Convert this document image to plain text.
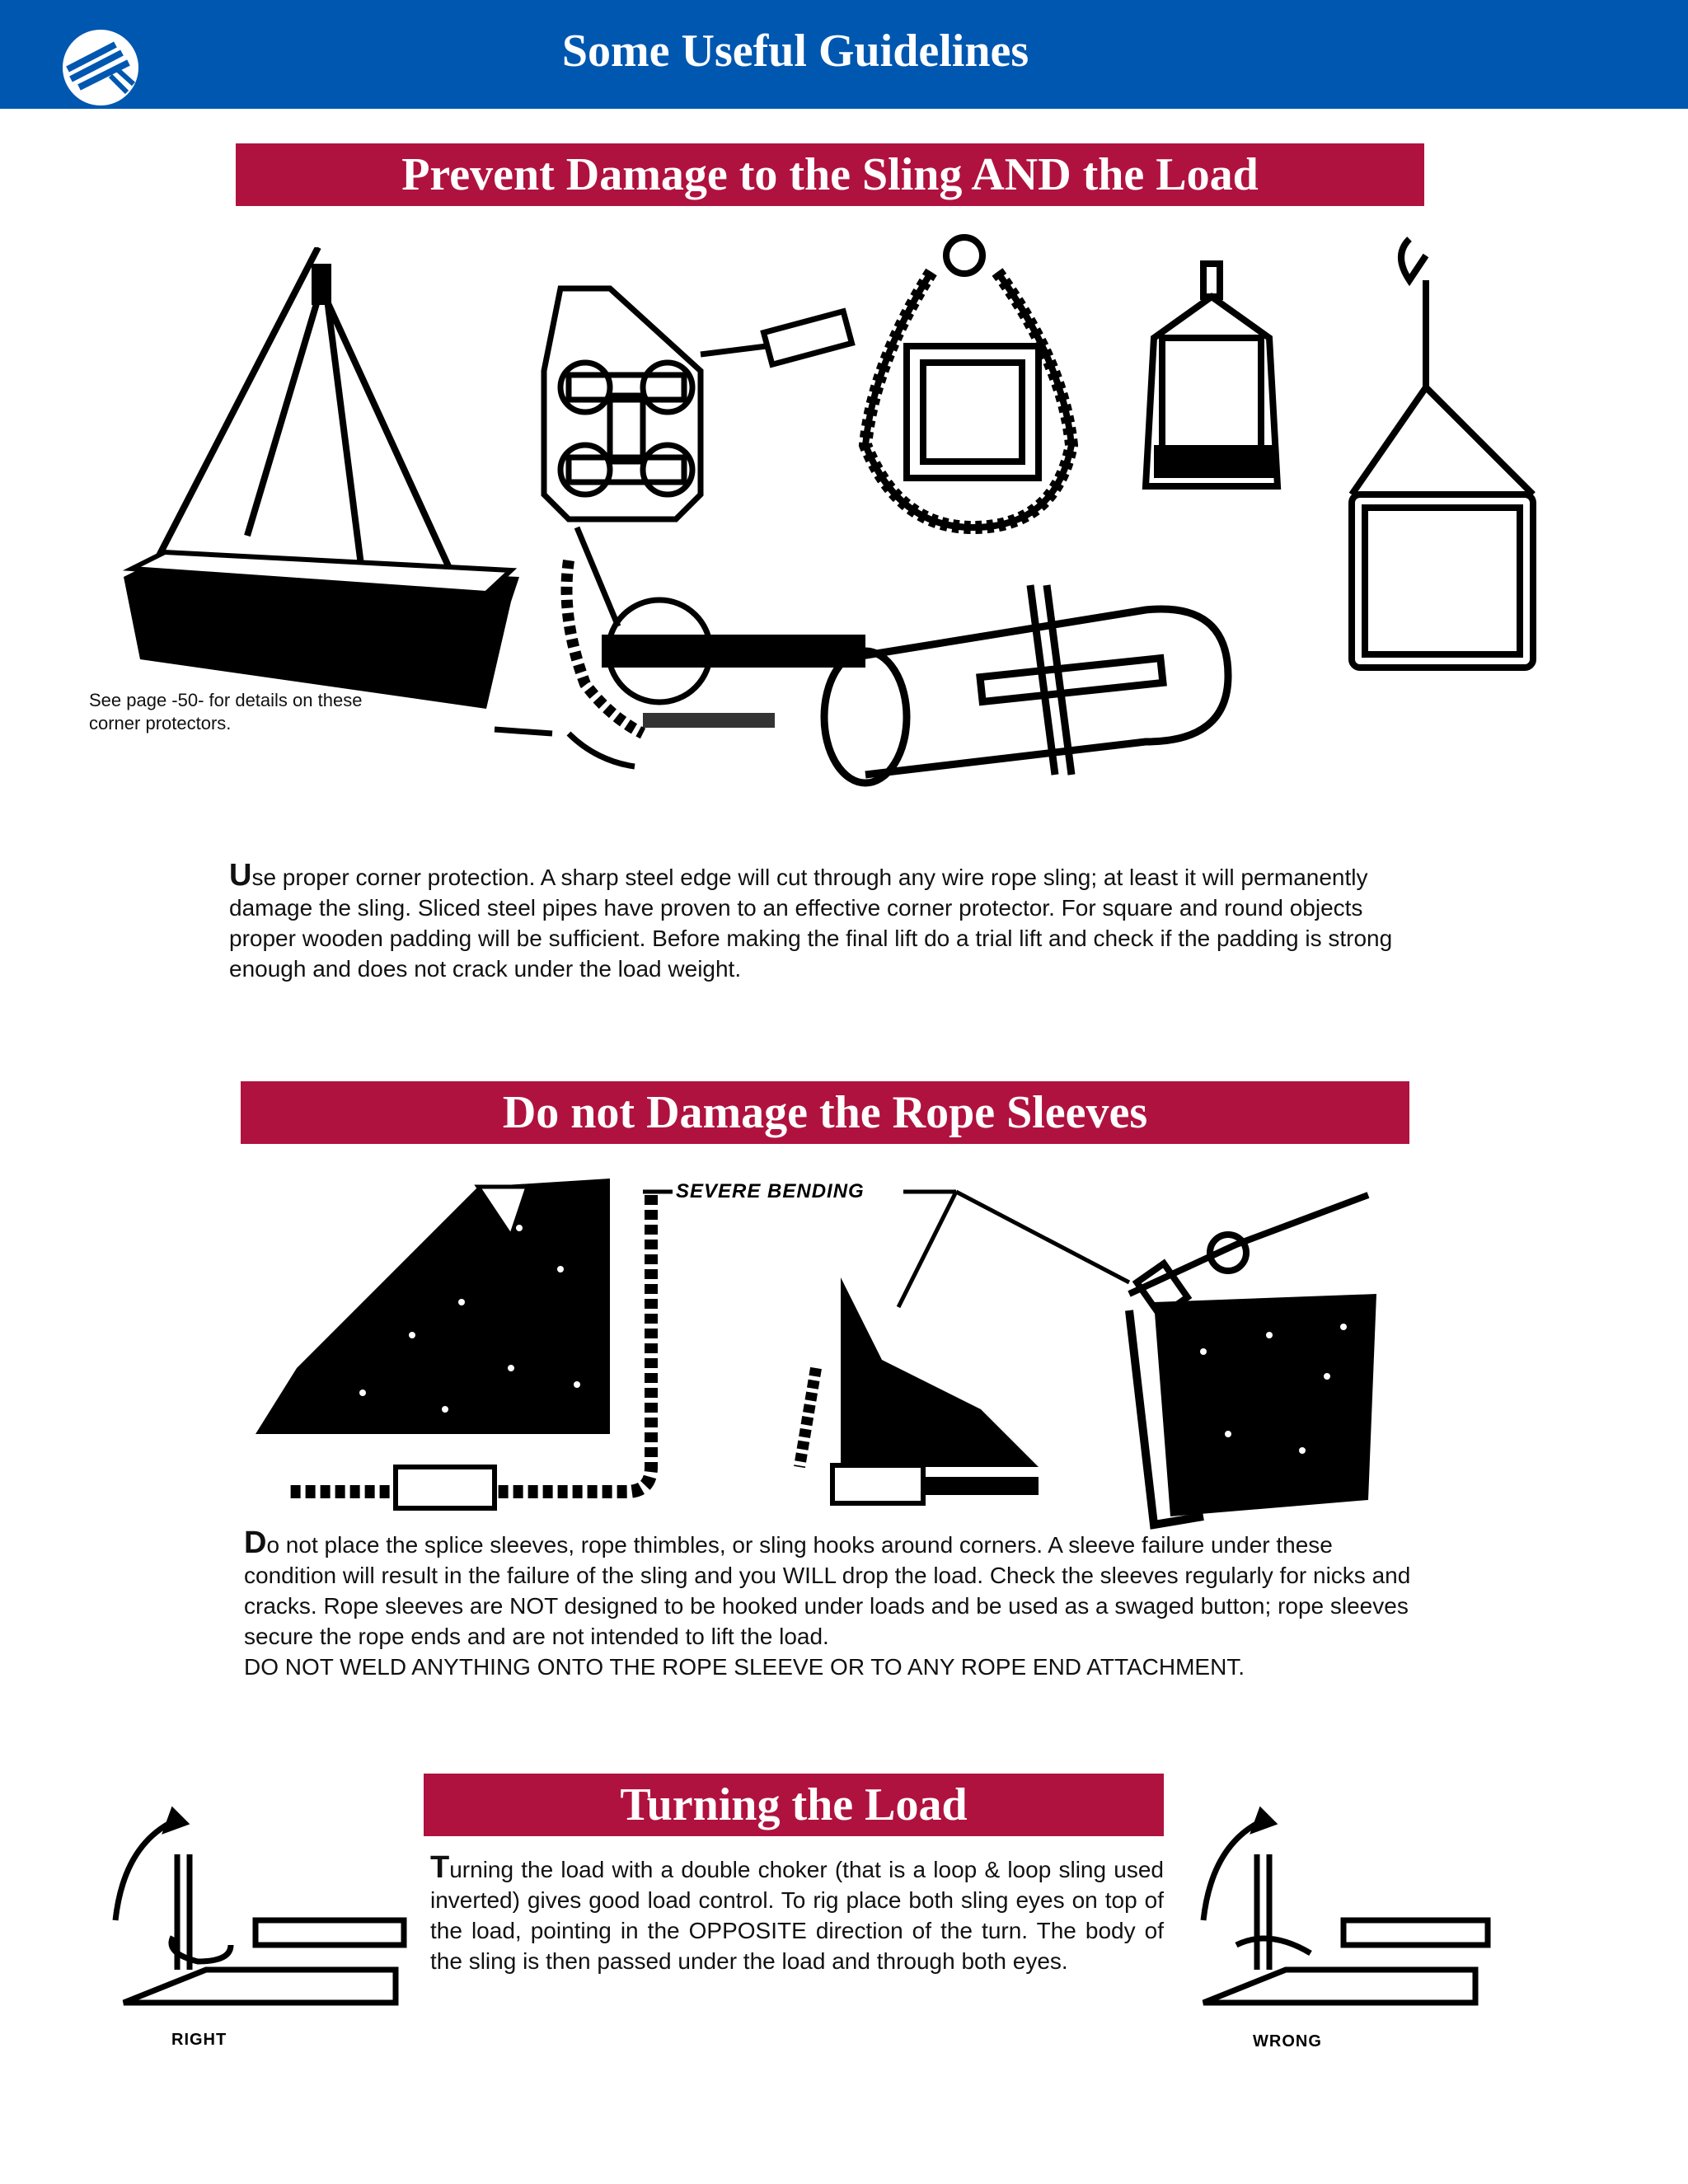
Some Useful Guidelines
Prevent Damage to the Sling AND the Load
See page -50- for details on these corner protectors.
Use proper corner protection. A sharp steel edge will cut through any wire rope sling; at least it will permanently damage the sling. Sliced steel pipes have proven to an effective corner protector. For square and round objects proper wooden padding will be sufficient. Before making the final lift do a trial lift and check if the padding is strong enough and does not crack under the load weight.
Do not Damage the Rope Sleeves
SEVERE BENDING
Do not place the splice sleeves, rope thimbles, or sling hooks around corners. A sleeve failure under these condition will result in the failure of the sling and you WILL drop the load. Check the sleeves regularly for nicks and cracks. Rope sleeves are NOT designed to be hooked under loads and be used as a swaged button; rope sleeves secure the rope ends and are not intended to lift the load.
DO NOT WELD ANYTHING ONTO THE ROPE SLEEVE OR TO ANY ROPE END ATTACHMENT.
Turning the Load
RIGHT	WRONG
Turning the load with a double choker (that is a loop & loop sling used inverted) gives good load control. To rig place both sling eyes on top of the load, pointing in the OPPOSITE direction of the turn. The body of the sling is then passed under the load and through both eyes.
